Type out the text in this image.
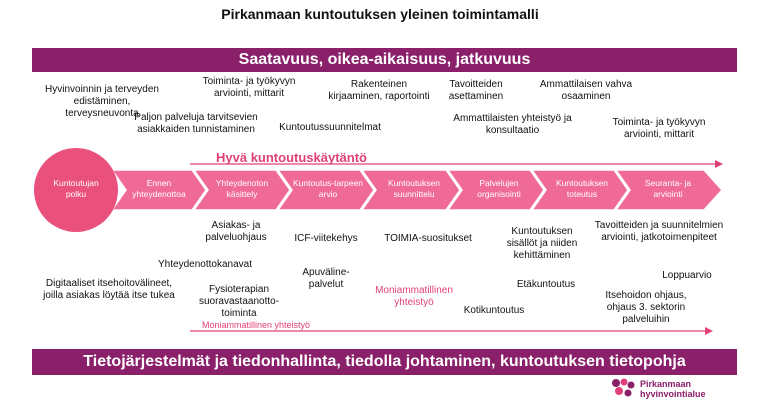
Pirkanmaan kuntoutuksen yleinen toimintamalli
Saatavuus, oikea-aikaisuus, jatkuvuus
Hyvinvoinnin ja terveyden edistäminen, terveysneuvonta
Toiminta- ja työkyvyn arviointi, mittarit
Paljon palveluja tarvitsevien asiakkaiden tunnistaminen
Rakenteinen kirjaaminen, raportointi
Kuntoutussuunnitelmat
Tavoitteiden asettaminen
Ammattilaisen vahva osaaminen
Ammattilaisten yhteistyö ja konsultaatio
Toiminta- ja työkyvyn arviointi, mittarit
Hyvä kuntoutuskäytäntö
Kuntoutujan polku
Ennen yhteydenottoa
Yhteydenoton käsittely
Kuntoutus-tarpeen arvio
Kuntoutuksen suunnittelu
Palvelujen organisointi
Kuntoutuksen toteutus
Seuranta- ja arviointi
Asiakas- ja palveluohjaus	ICF-viitekehys	TOIMIA-suositukset
Kuntoutuksen sisällöt ja niiden kehittäminen
Tavoitteiden ja suunnitelmien arviointi, jatkotoimenpiteet
Yhteydenottokanavat
Apuväline-palvelut
Moniammatillinen yhteistyö
Etäkuntoutus
Loppuarvio
Digitaaliset itsehoitovälineet, joilla asiakas löytää itse tukea
Fysioterapian suoravastaanotto-toiminta	Kotikuntoutus
Itsehoidon ohjaus, ohjaus 3. sektorin palveluihin
Moniammatillinen yhteistyö
Tietojärjestelmät ja tiedonhallinta, tiedolla johtaminen, kuntoutuksen tietopohja
Pirkanmaan
hyvinvointialue
